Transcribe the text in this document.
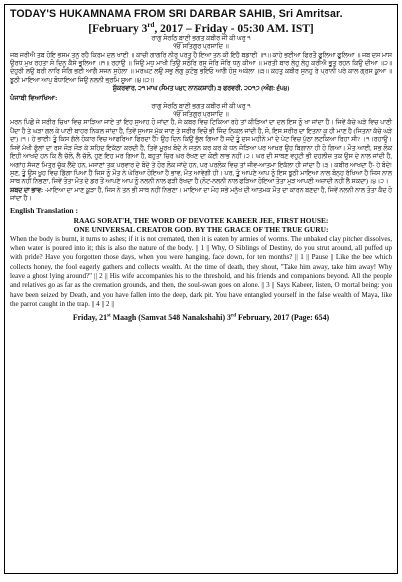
TODAY'S HUKAMNAMA FROM SRI DARBAR SAHIB, Sri Amritsar.
[February 3rd, 2017 – Friday - 05:30 AM. IST]
ਰਾਗੁ ਸੋਰਠਿ ਬਾਣੀ ਭਗਤ ਕਬੀਰ ਜੀ ਕੀ ਘਰੁ ੧
ੴ ਸਤਿਗੁਰ ਪ੍ਰਸਾਦਿ ॥
ਜਬ ਜਰੀਐ ਤਬ ਹੋਇ ਭਸਮ ਤਨੁ ਰਹੈ ਕਿਰਮ ਦਲ ਖਾਈ ॥ ਕਾਚੀ ਗਾਗਰਿ ਨੀਰੁ ਪਰਤੁ ਹੈ ਇਆ ਤਨ ਕੀ ਇਹੈ ਬਡਾਈ ॥੧॥ ਕਾਹੇ ਭਈਆ ਫਿਰਤੌ ਫੂਲਿਆ ਫੂਲਿਆ ॥ ਜਬ ਦਸ ਮਾਸ ਉਰਧ ਮੁਖ ਰਹਤਾ ਸੋ ਦਿਨੁ ਕੈਸੇ ਭੂਲਿਆ ॥੧॥ ਰਹਾਉ ॥ ਜਿਉ ਮਧੁ ਮਾਖੀ ਤਿਉ ਸਠੋਰਿ ਰਸੁ ਜੋਰਿ ਜੋਰਿ ਧਨੁ ਕੀਆ ॥ ਮਰਤੀ ਬਾਰ ਲੇਹੁ ਲੇਹੁ ਕਰੀਐ ਭੂਤੁ ਰਹਨ ਕਿਉ ਦੀਆ ॥੨॥ ਦੇਹੁਰੀ ਲਉ ਬਰੀ ਨਾਰਿ ਸੰਗਿ ਭਈ ਆਗੈ ਸਜਨ ਸੁਹੇਲਾ ॥ ਮਰਘਟ ਲਉ ਸਭੁ ਲੋਗੁ ਕੁਟੰਬੁ ਭਇਓ ਆਗੈ ਹੰਸੁ ਅਕੇਲਾ ॥੩॥ ਕਹਤੁ ਕਬੀਰ ਸੁਨਹੁ ਰੇ ਪ੍ਰਾਨੀ ਪਰੇ ਕਾਲ ਗ੍ਰਸ ਕੂਆ ॥ ਝੂਠੀ ਮਾਇਆ ਆਪੁ ਬੰਧਾਇਆ ਜਿਉ ਨਲਨੀ ਭ੍ਰਮਿ ਸੂਆ ॥੪॥੨॥
ਸ਼ੁੱਕਰਵਾਰ, ੨੧ ਮਾਘ (ਸੰਮਤ ੫੪੮ ਨਾਨਕਸ਼ਾਹੀ) ੩ ਫਰਵਰੀ, ੨੦੧੭ (ਅੰਗ: ੬੫੪)
ਪੰਜਾਬੀ ਵਿਆਖਿਆ:
ਰਾਗੁ ਸੋਰਠਿ ਬਾਣੀ ਭਗਤ ਕਬੀਰ ਜੀ ਕੀ ਘਰੁ ੧
ੴ ਸਤਿਗੁਰ ਪ੍ਰਸਾਦਿ ॥
ਮਰਨ ਪਿਛੋਂ ਜੇ ਸਰੀਰ ਚਿਖਾ ਵਿਚ ਸਾੜਿਆ ਜਾਏ ਤਾਂ ਇਹ ਸੁਆਹ ਹੋ ਜਾਂਦਾ ਹੈ, ਜੇ ਕਬਰ ਵਿਚ ਟਿਕਿਆ ਰਹੇ ਤਾਂ ਕੀੜਿਆਂ ਦਾ ਦਲ ਇਸ ਨੂੰ ਖਾ ਜਾਂਦਾ ਹੈ। ਜਿਵੇਂ ਕੱਚੇ ਘੜੇ ਵਿਚ ਪਾਣੀ ਪੈਂਦਾ ਹੈ ਤੇ ਘੜਾ ਗਲ ਕੇ ਪਾਣੀ ਬਾਹਰ ਨਿਕਲ ਜਾਂਦਾ ਹੈ, ਤਿਵੇਂ ਸੁਆਸ ਮੁੱਕ ਜਾਣ ਤੇ ਸਰੀਰ ਵਿਚੋਂ ਭੀ ਜਿੰਦ ਨਿਕਲ ਜਾਂਦੀ ਹੈ, ਸੋ, ਇਸ ਸਰੀਰ ਦਾ ਇਤਨਾ ਕੁ ਹੀ ਮਾਣ ਹੈ (ਜਿਤਨਾ ਕੱਚੇ ਘੜੇ ਦਾ)।੧। ਹੇ ਭਾਈ! ਤੂੰ ਕਿਸ ਗੱਲੇ ਹੰਕਾਰ ਵਿਚ ਆਫਰਿਆ ਫਿਰਦਾ ਹੈਂ? ਉਹ ਦਿਨ ਕਿਉਂ ਭੁੱਲ ਗਿਆ ਹੈਂ ਜਦੋਂ ਤੂੰ ਦਸ ਮਹੀਨੇ ਮਾਂ ਦੇ ਪੇਟ ਵਿਚ ਪੁੱਠਾ ਲਟਕਿਆ ਰਿਹਾ ਸੀ? ।੧।ਰਹਾਉ। ਜਿਵੇਂ ਮੱਖੀ ਫੁੱਲਾਂ ਦਾ ਰਸ ਜੋੜ ਜੋੜ ਕੇ ਸ਼ਹਿਦ ਇਕੱਠਾ ਕਰਦੀ ਹੈ, ਤਿਵੇਂ ਮੂਰਖ ਬੰਦੇ ਨੇ ਜਤਨ ਕਰ ਕਰ ਕੇ ਧਨ ਜੋੜਿਆ ਪਰ ਆਖ਼ਰ ਉਹ ਬਿਗਾਨਾ ਹੀ ਹੋ ਗਿਆ। ਮੌਤ ਆਈ, ਸਭ ਲੋਕ ਇਹੀ ਆਖਦੇ ਹਨ ਕਿ ਲੈ ਚੱਲੋ, ਲੈ ਚੱਲੋ, ਹੁਣ ਇਹ ਮਰ ਗਿਆ ਹੈ, ਬਹੁਤਾ ਚਿਰ ਘਰ ਰੱਖਣ ਦਾ ਕੋਈ ਲਾਭ ਨਹੀਂ।੨। ਘਰ ਦੀ ਸਾਥਣ ਵਹੁਟੀ ਭੀ ਦਹਲੀਜ਼ ਤਕ ਉਸ ਦੇ ਨਾਲ ਜਾਂਦੀ ਹੈ, ਅਗਾਂਹ ਸੱਜਣ ਮਿਤ੍ਰ ਚੁੱਕ ਲੈਂਦੇ ਹਨ, ਮਸਾਣਾਂ ਤਕ ਪਰਵਾਰ ਦੇ ਬੰਦੇ ਤੇ ਹੋਰ ਲੋਕ ਜਾਂਦੇ ਹਨ, ਪਰ ਪਰਲੋਕ ਵਿਚ ਤਾਂ ਜੀਵ-ਆਤਮਾ ਇਕੱਲਾ ਹੀ ਜਾਂਦਾ ਹੈ।੩। ਕਬੀਰ ਆਖਦਾ ਹੈ- ਹੇ ਬੰਦੇ! ਸੁਣ, ਤੂੰ ਉਸ ਖੂਹ ਵਿਚ ਡਿੱਗਾ ਪਿਆ ਹੈਂ ਜਿਸ ਨੂੰ ਮੌਤ ਨੇ ਘੇਰਿਆ ਹੋਇਆ ਹੈ ਭਾਵ, ਮੌਤ ਆਵੇਗੀ ਹੀ। ਪਰ, ਤੂੰ ਆਪਣੇ ਆਪ ਨੂੰ ਇਸ ਝੂਠੀ ਮਾਇਆ ਨਾਲ ਬੰਨ੍ਹ ਰੱਖਿਆ ਹੈ ਜਿਸ ਨਾਲ ਸਾਥ ਨਹੀਂ ਨਿਭਣਾ, ਜਿਵੇਂ ਤੋਤਾ ਮੌਤ ਦੇ ਡਰ ਤੋਂ ਆਪਣੇ ਆਪ ਨੂੰ ਨਲਨੀ ਨਾਲ ਫੜੀ ਰੱਖਦਾ ਹੈ (ਨੋਟ-ਨਲਨੀ ਨਾਲ ਫੜਿਆ ਹੋਇਆ ਤੋਤਾ ਮੁੜ ਆਪਣੀ ਅਜ਼ਾਦੀ ਨਹੀਂ ਲੈ ਸਕਦਾ)।੪।੨।
ਸ਼ਬਦ ਦਾ ਭਾਵ: -ਮਾਇਆ ਦਾ ਮਾਣ ਕੂੜਾ ਹੈ, ਜਿਸ ਨੇ ਤਨ ਭੀ ਸਾਥ ਨਹੀਂ ਨਿਭਣਾ। ਮਾਇਆ ਦਾ ਮੋਹ ਸਭੇ ਮਨੁੱਖ ਦੀ ਆਤਮਕ ਮੌਤ ਦਾ ਕਾਰਨ ਬਣਦਾ ਹੈ, ਜਿਵੇਂ ਨਲਨੀ ਨਾਲ ਤੋਤਾ ਕੈਦ ਹੋ ਜਾਂਦਾ ਹੈ।
English Translation :
RAAG SORAT'H, THE WORD OF DEVOTEE KABEER JEE, FIRST HOUSE:
ONE UNIVERSAL CREATOR GOD. BY THE GRACE OF THE TRUE GURU:
When the body is burnt, it turns to ashes; if it is not cremated, then it is eaten by armies of worms. The unbaked clay pitcher dissolves, when water is poured into it; this is also the nature of the body. || 1 || Why, O Siblings of Destiny, do you strut around, all puffed up with pride? Have you forgotten those days, when you were hanging, face down, for ten months? || 1 || Pause || Like the bee which collects honey, the fool eagerly gathers and collects wealth. At the time of death, they shout, "Take him away, take him away! Why leave a ghost lying around?" || 2 || His wife accompanies his to the threshold, and his friends and companions beyond. All the people and relatives go as far as the cremation grounds, and then, the soul-swan goes on alone. || 3 || Says Kabeer, listen, O mortal being: you have been seized by Death, and you have fallen into the deep, dark pit. You have entangled yourself in the false wealth of Maya, like the parrot caught in the trap. || 4 || 2 ||
Friday, 21st Maagh (Samvat 548 Nanakshahi) 3rd February, 2017 (Page: 654)
